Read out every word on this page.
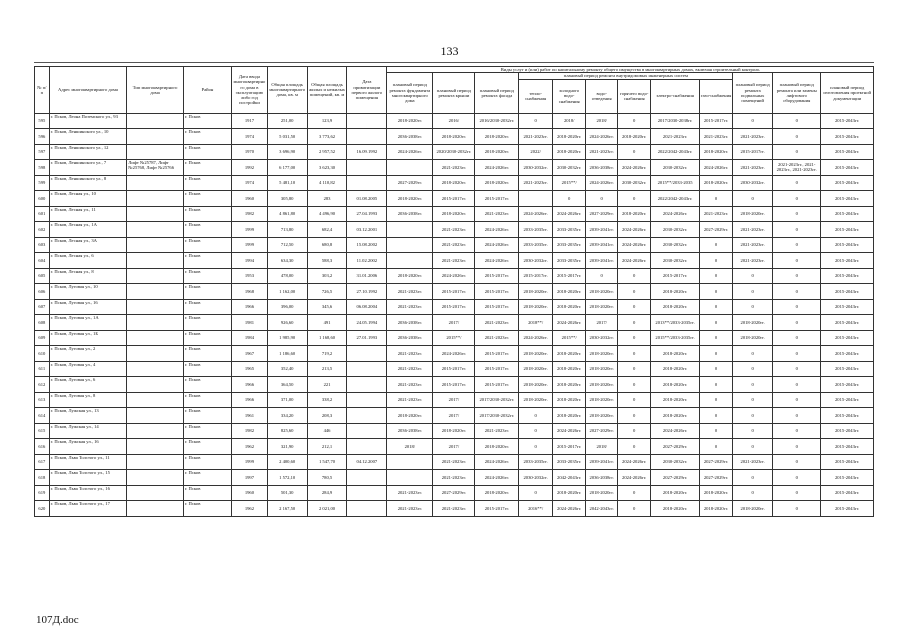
133
№ п/п	Адрес многоквартирного дома	Тип многоквартирного дома	Район	Дата ввода многоквартирного дома в эксплуатацию либо год постройки	Общая площадь многоквартирного дома, кв. м	Общая площадь жилых и нежилых помещений, кв. м	Дата приватизации первого жилого помещения	Виды услуг и (или) работ по капитальному ремонту общего имущества в многоквартирных домах, включая строительный контроль											
								плановый период ремонта фундамента многоквартирного дома	плановый период ремонта крыши	плановый период ремонта фасада	плановый период ремонта внутридомовых инженерных систем						плановый период ремонта подвальных помещений	плановый период ремонта или замены лифтового оборудования	плановый период изготовления проектной документации
											тепло-снабжения	холодного водо-снабжения	водо-отведения	горячего водо-снабжения	электро-снабжения	газо-снабжения			
595	г. Псков, Леона Поземского ул., 93		г. Псков	1917	251,00	123,9		2018-2020гг.	2016/	2016/2030-2032гг.	0	2018/	2018/	0	2017/2030-2038гг.	2015-2017гг.	0	0	2015-2043гг.
596	г. Псков, Леншинского ул., 10		г. Псков	1974	5 031,50	3 773,62		2036-2038гг.	2018-2020гг.	2018-2020гг.	2021-2023гг.	2018-2020гг.	2024-2026гг.	2018-2020гг.	2021-2023гг.	2021-2023гг.	2021-2023гг.	0	2015-2043гг.
597	г. Псков, Леншинского ул., 12		г. Псков	1970	3 696,90	2 957,52	16.09.1992	2024-2026гг.	2020/2030-2032гг.	2018-2020гг.	2022/	2018-2020гг.	2021-2023гг.	0	2022/2042-2043гг.	2018-2020гг.	2015-2017гг.	0	2015-2043гг.
598	г. Псков, Леншинского ул., 7	Лифт №25787, Лифт №25768, Лифт №25766	г. Псков	1992	6 177,00	3 623,30			2021-2023гг.	2024-2026гг.	2030-2032гг.	2030-2032гг.	2036-2038гг.	2024-2026гг.	2030-2032гг.	2024-2026гг.	2021-2023гг.	2021-2023гг., 2021-2023гг., 2021-2023гг.	2015-2043гг.
599	г. Псков, Леншинского ул., 8		г. Псков	1974	5 481,10	4 110,82		2027-2029гг.	2018-2020гг.	2018-2020гг.	2021-2023гг.	2015**/	2024-2026гг.	2030-2032гг.	2015**/2033-2035	2018-2020гг.	2030-2032гг.	0	2015-2043гг.
600	г. Псков, Лесная ул., 10		г. Псков	1960	305,80	283	01.08.2005	2018-2020гг.	2015-2017гг.	2015-2017гг.		0	0	0	2022/2042-2043гг.	0	0	0	2015-2043гг.
601	г. Псков, Лесная ул., 11		г. Псков	1982	4 861,80	4 496,90	27.04.1993	2036-2038гг.	2018-2020гг.	2021-2023гг.	2024-2026гг.	2024-2026гг.	2027-2029гг.	2018-2020гг.	2024-2026гг.	2021-2023гг.	2018-2020гг.	0	2015-2043гг.
602	г. Псков, Лесная ул., 1А		г. Псков	1999	713,80	682,4	03.12.2001		2021-2023гг.	2024-2026гг.	2033-2035гг.	2033-2035гг.	2039-2041гг.	2024-2026гг.	2030-2032гг.	2027-2029гг.	2021-2023гг.	0	2015-2043гг.
603	г. Псков, Лесная ул., 3А		г. Псков	1999	712,50	680,8	15.08.2002		2021-2023гг.	2024-2026гг.	2033-2035гг.	2033-2035гг.	2039-2041гг.	2024-2026гг.	2030-2032гг.	0	2021-2023гг.	0	2015-2043гг.
604	г. Псков, Лесная ул., 6		г. Псков	1994	634,30	588,3	11.02.2002		2021-2023гг.	2024-2026гг.	2030-2032гг.	2033-2035гг.	2039-2041гг.	2024-2026гг.	2030-2032гг.	0	2021-2023гг.	0	2015-2043гг.
605	г. Псков, Лесная ул., 8		г. Псков	1953	478,00	303,2	31.01.2006	2018-2020гг.	2024-2026гг.	2015-2017гг.	2015-2017гг.	2015-2017гг.	0	0	2015-2017гг.	0	0	0	2015-2043гг.
606	г. Псков, Луговая ул., 10		г. Псков	1968	1 162,00	726,5	27.10.1992	2021-2023гг.	2015-2017гг.	2015-2017гг.	2018-2020гг.	2018-2020гг.	2018-2020гг.	0	2018-2020гг.	0	0	0	2015-2043гг.
607	г. Псков, Луговая ул., 16		г. Псков	1966	396,00	345,6	06.08.2004	2021-2023гг.	2015-2017гг.	2015-2017гг.	2018-2020гг.	2018-2020гг.	2018-2020гг.	0	2018-2020гг.	0	0	0	2015-2043гг.
608	г. Псков, Луговая ул., 1А		г. Псков	1981	926,60	491	24.05.1994	2036-2038гг.	2017/	2021-2023гг.	2018**/	2024-2026гг.	2017/	0	2013**/2033-2035гг.	0	2018-2020гг.	0	2015-2043гг.
609	г. Псков, Луговая ул., 1Б		г. Псков	1984	1 985,90	1 168,60	27.01.1993	2036-2038гг.	2015**/	2021-2023гг.	2024-2026гг.	2015**/	2030-2032гг.	0	2015**/2033-2035гг.	0	2018-2020гг.	0	2015-2043гг.
610	г. Псков, Луговая ул., 2		г. Псков	1967	1 186,60	719,2		2021-2023гг.	2024-2026гг.	2015-2017гг.	2018-2020гг.	2018-2020гг.	2018-2020гг.	0	2018-2020гг.	0	0	0	2015-2043гг.
611	г. Псков, Луговая ул., 4		г. Псков	1965	352,40	213,5		2021-2023гг.	2015-2017гг.	2015-2017гг.	2018-2020гг.	2018-2020гг.	2018-2020гг.	0	2018-2020гг.	0	0	0	2015-2043гг.
612	г. Псков, Луговая ул., 6		г. Псков	1966	364,50	221		2021-2023гг.	2015-2017гг.	2015-2017гг.	2018-2020гг.	2018-2020гг.	2018-2020гг.	0	2018-2020гг.	0	0	0	2015-2043гг.
613	г. Псков, Луговая ул., 8		г. Псков	1966	371,00	338,2		2021-2023гг.	2017/	2017/2030-2032гг.	2018-2020гг.	2018-2020гг.	2018-2020гг.	0	2018-2020гг.	0	0	0	2015-2043гг.
614	г. Псков, Лужская ул., 13		г. Псков	1961	334,20	208,3		2018-2020гг.	2017/	2017/2030-2032гг.	0	2018-2020гг.	2018-2020гг.	0	2018-2020гг.	0	0	0	2015-2043гг.
615	г. Псков, Лужская ул., 14		г. Псков	1982	825,60	446		2036-2038гг.	2018-2020гг.	2021-2023гг.	0	2024-2026гг.	2027-2029гг.	0	2024-2026гг.	0	0	0	2015-2043гг.
616	г. Псков, Лужская ул., 16		г. Псков	1962	321,90	212,1		2018/	2017/	2018-2020гг.	0	2015-2017гг.	2018/	0	2027-2029гг.	0	0	0	2015-2043гг.
617	г. Псков, Льва Толстого ул., 11		г. Псков	1999	2 400,60	1 547,70	04.12.2007		2021-2023гг.	2024-2026гг.	2033-2035гг.	2033-2035гг.	2039-2041гг.	2024-2026гг.	2030-2032гг.	2027-2029гг.	2021-2023гг.	0	2015-2043гг.
618	г. Псков, Льва Толстого ул., 15		г. Псков	1997	1 572,10	780,5			2021-2023гг.	2024-2026гг.	2030-2032гг.	2042-2043гг.	2036-2038гг.	2024-2026гг.	2027-2029гг.	2027-2029гг.	0	0	2015-2043гг.
619	г. Псков, Льва Толстого ул., 16		г. Псков	1960	501,30	284,9		2021-2023гг.	2027-2029гг.	2018-2020гг.	0	2018-2020гг.	2018-2020гг.	0	2018-2020гг.	2018-2020гг.	0	0	2015-2043гг.
620	г. Псков, Льва Толстого ул., 17		г. Псков	1962	2 167,50	2 021,00		2021-2023гг.	2021-2023гг.	2015-2017гг.	2016**/	2024-2026гг.	2042-2043гг.	0	2018-2020гг.	2018-2020гг.	2018-2020гг.	0	2015-2043гг.
107Д.doc
